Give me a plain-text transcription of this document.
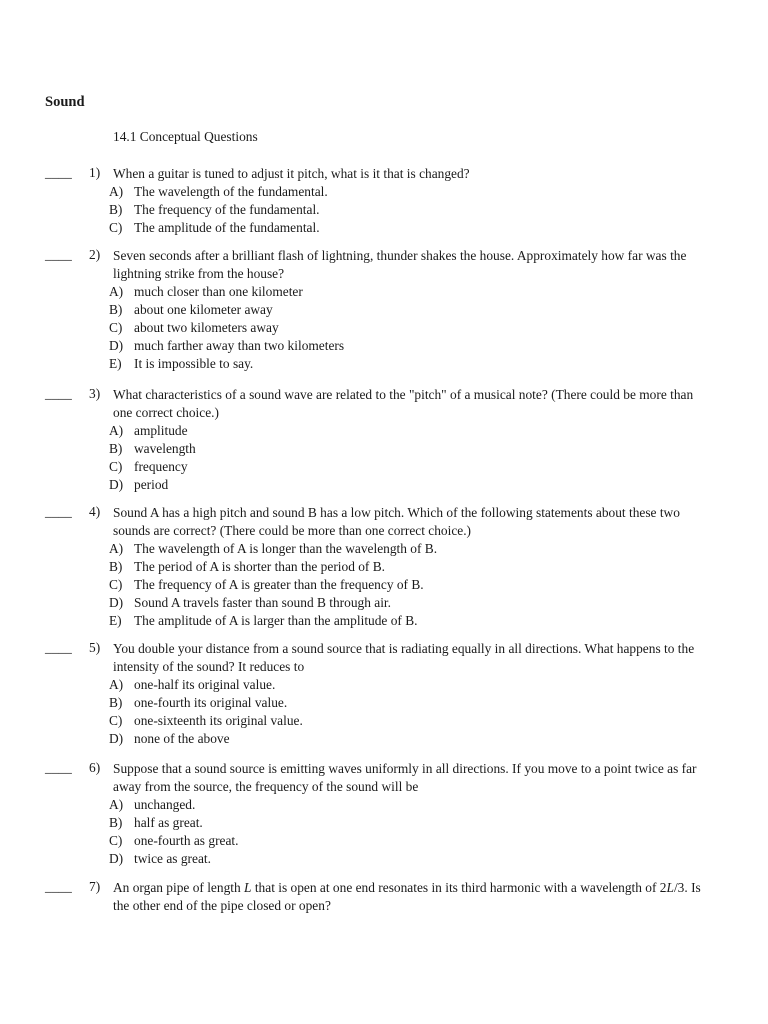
Sound
14.1 Conceptual Questions
____ 1) When a guitar is tuned to adjust it pitch, what is it that is changed?
A) The wavelength of the fundamental.
B) The frequency of the fundamental.
C) The amplitude of the fundamental.
____ 2) Seven seconds after a brilliant flash of lightning, thunder shakes the house. Approximately how far was the lightning strike from the house?
A) much closer than one kilometer
B) about one kilometer away
C) about two kilometers away
D) much farther away than two kilometers
E) It is impossible to say.
____ 3) What characteristics of a sound wave are related to the "pitch" of a musical note? (There could be more than one correct choice.)
A) amplitude
B) wavelength
C) frequency
D) period
____ 4) Sound A has a high pitch and sound B has a low pitch. Which of the following statements about these two sounds are correct? (There could be more than one correct choice.)
A) The wavelength of A is longer than the wavelength of B.
B) The period of A is shorter than the period of B.
C) The frequency of A is greater than the frequency of B.
D) Sound A travels faster than sound B through air.
E) The amplitude of A is larger than the amplitude of B.
____ 5) You double your distance from a sound source that is radiating equally in all directions. What happens to the intensity of the sound? It reduces to
A) one-half its original value.
B) one-fourth its original value.
C) one-sixteenth its original value.
D) none of the above
____ 6) Suppose that a sound source is emitting waves uniformly in all directions. If you move to a point twice as far away from the source, the frequency of the sound will be
A) unchanged.
B) half as great.
C) one-fourth as great.
D) twice as great.
____ 7) An organ pipe of length L that is open at one end resonates in its third harmonic with a wavelength of 2L/3. Is the other end of the pipe closed or open?
